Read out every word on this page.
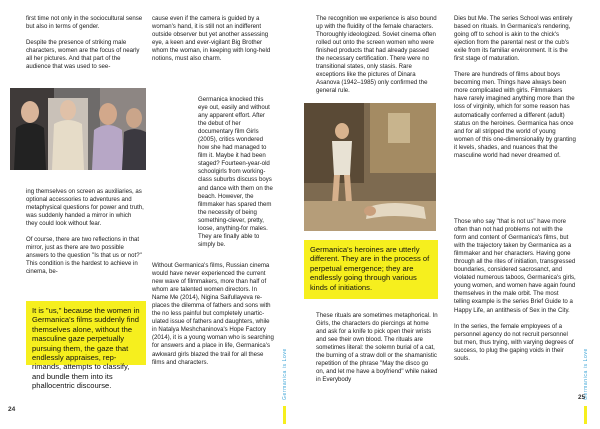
first time not only in the sociocultural sense but also in terms of gender.

Despite the presence of striking male characters, women are the focus of nearly all her pictures. And that part of the audience that was used to see-

ing themselves on screen as auxiliaries, as optional accessories to adventures and metaphysical questions for power and truth, was suddenly handed a mirror in which they could look without fear.

Of course, there are two reflections in that mirror, just as there are two possible answers to the question "Is that us or not?" This condition is the hardest to achieve in cinema, be-

It is "us," because the women in Germanica's films suddenly find themselves alone, without the masculine gaze perpetually pursuing them, the gaze that endlessly appraises, reprimands, attempts to classify, and bundle them into its phallocentric discourse.

cause even if the camera is guided by a woman's hand, it is still not an indifferent outside observer but yet another assessing eye, a keen and ever-vigilant Big Brother whom the woman, in keeping with long-held notions, must also charm.

Germanica knocked this eye out, easily and without any apparent effort. After the debut of her documentary film Girls (2005), critics wondered how she had managed to film it. Maybe it had been staged? Fourteen-year-old schoolgirls from working-class suburbs discuss boys and dance with them on the beach. However, the filmmaker has spared them the necessity of being something-clever, pretty, loose, anything-for males. They are finally able to simply be.

Without Germanica's films, Russian cinema would have never experienced the current new wave of filmmakers, more than half of whom are talented women directors. In Name Me (2014), Nigina Saifullayeva replaces the dilemma of fathers and sons with the no less painful but completely unarticulated issue of fathers and daughters, while in Natalya Meshchaninova's Hope Factory (2014), it is a young woman who is searching for answers and a place in life, Germanica's awkward girls blazed the trail for all these films and characters.	Germanica is Love
24

The recognition we experience is also bound up with the fluidity of the female characters. Thoroughly ideologized. Soviet cinema often rolled out onto the screen women who were finished products that had already passed the necessary certification. There were no transitional states, only stasis. Rare exceptions like the pictures of Dinara Asanova (1942–1985) only confirmed the general rule.

Germanica's heroines are utterly different. They are in the process of perpetual emergence; they are endlessly going through various kinds of initiations.

These rituals are sometimes metaphorical. In Girls, the characters do piercings at home and ask for a knife to pick open their wrists and see their own blood. The rituals are sometimes literal: the solemn burial of a cat, the burning of a straw doll or the shamanistic repetition of the phrase "May the disco go on, and let me have a boyfriend" while naked in Everybody

Dies but Me. The series School was entirely based on rituals. In Germanica's rendering, going off to school is akin to the chick's ejection from the parental nest or the cub's exile from its familiar environment. It is the first stage of maturation.

There are hundreds of films about boys becoming men. Things have always been more complicated with girls. Filmmakers have rarely imagined anything more than the loss of virginity, which for some reason has automatically conferred a different (adult) status on the heroines. Germanica has once and for all stripped the world of young women of this one-dimensionality by granting it levels, shades, and nuances that the masculine world had never dreamed of.

Those who say "that is not us" have more often than not had problems not with the form and content of Germanica's films, but with the trajectory taken by Germanica as a filmmaker and her characters. Having gone through all the rites of initiation, transgressed boundaries, considered sacrosanct, and violated numerous taboos, Germanica's girls, young women, and women have again found themselves in the male orbit. The most telling example is the series Brief Guide to a Happy Life, an antithesis of Sex in the City.

In the series, the female employees of a personnel agency do not recruit personnel but men, thus trying, with varying degrees of success, to plug the gaping voids in their souls.	Germanica is Love
25
